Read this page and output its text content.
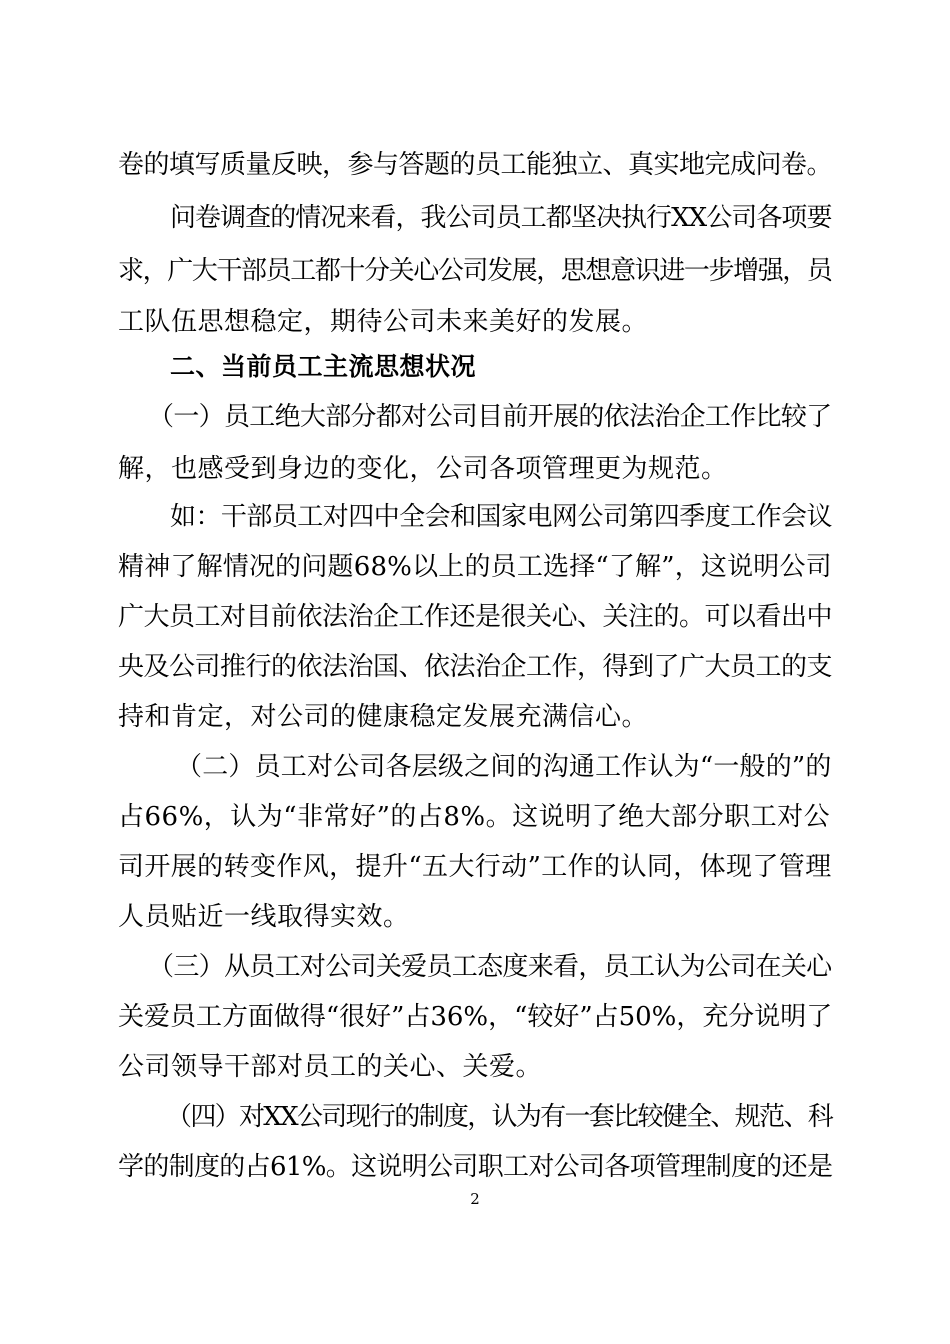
卷的填写质量反映，参与答题的员工能独立、真实地完成问卷。
问卷调查的情况来看，我公司员工都坚决执行XX公司各项要
求，广大干部员工都十分关心公司发展，思想意识进一步增强，员
工队伍思想稳定，期待公司未来美好的发展。
二、当前员工主流思想状况
（一）员工绝大部分都对公司目前开展的依法治企工作比较了
解，也感受到身边的变化，公司各项管理更为规范。
如：干部员工对四中全会和国家电网公司第四季度工作会议
精神了解情况的问题68%以上的员工选择“了解”，这说明公司
广大员工对目前依法治企工作还是很关心、关注的。可以看出中
央及公司推行的依法治国、依法治企工作，得到了广大员工的支
持和肯定，对公司的健康稳定发展充满信心。
（二）员工对公司各层级之间的沟通工作认为“一般的”的
占66%，认为“非常好”的占8%。这说明了绝大部分职工对公
司开展的转变作风，提升“五大行动”工作的认同，体现了管理
人员贴近一线取得实效。
（三）从员工对公司关爱员工态度来看，员工认为公司在关心
关爱员工方面做得“很好”占36%，“较好”占50%，充分说明了
公司领导干部对员工的关心、关爱。
（四）对XX公司现行的制度，认为有一套比较健全、规范、科
学的制度的占61%。这说明公司职工对公司各项管理制度的还是
2
